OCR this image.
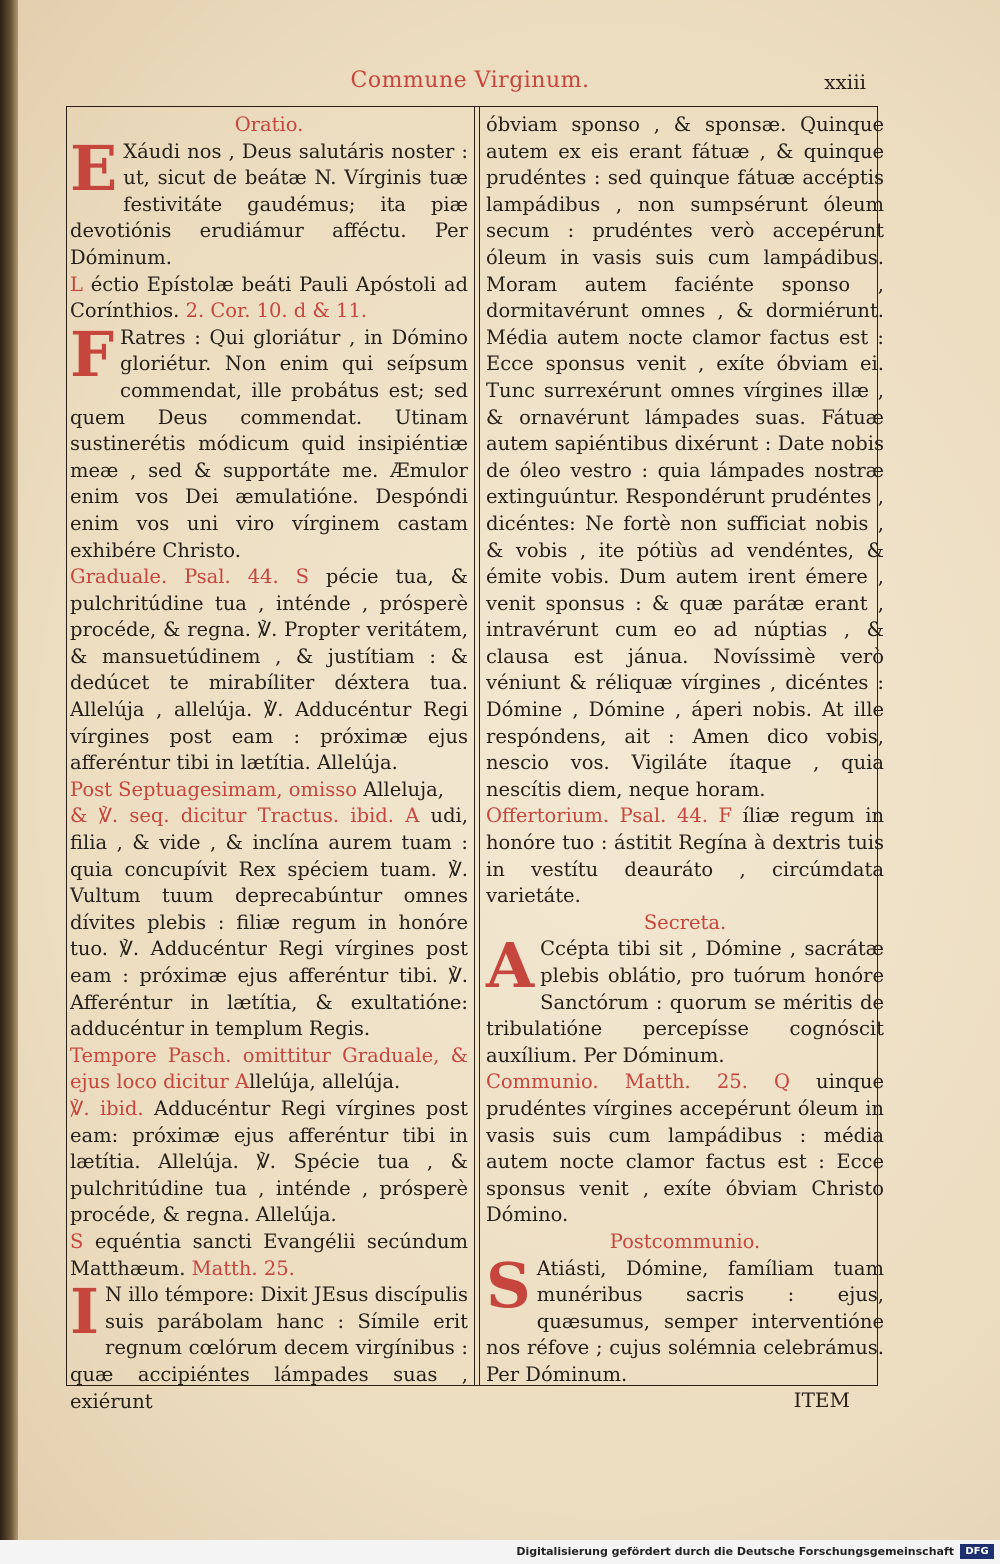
Commune Virginum.	xxiii

Oratio.

E Xáudi nos , Deus salutáris noster : ut, sicut de beátæ N. Vírginis tuæ festivitáte gaudémus; ita piæ devotiónis erudiámur afféctu. Per Dóminum.

L éctio Epístolæ beáti Pauli Apóstoli ad Corínthios. 2. Cor. 10. d & 11.

F Ratres : Qui gloriátur , in Dómino gloriétur. Non enim qui seípsum commendat, ille probátus est; sed quem Deus commendat. Utinam sustinerétis módicum quid insipiéntiæ meæ , sed & supportáte me. Æmulor enim vos Dei æmulatióne. Despóndi enim vos uni viro vírginem castam exhibére Christo.

Graduale. Psal. 44. S pécie tua, & pulchritúdine tua , inténde , prósperè procéde, & regna. ℣. Propter veritátem, & mansuetúdinem , & justítiam : & dedúcet te mirabíliter déxtera tua. Allelúja , allelúja. ℣. Adducéntur Regi vírgines post eam : próximæ ejus afferéntur tibi in lætítia. Allelúja.

Post Septuagesimam, omisso Alleluja,

& ℣. seq. dicitur Tractus. ibid. A udi, filia , & vide , & inclína aurem tuam : quia concupívit Rex spéciem tuam. ℣. Vultum tuum deprecabúntur omnes dívites plebis : filiæ regum in honóre tuo. ℣. Adducéntur Regi vírgines post eam : próximæ ejus afferéntur tibi. ℣. Afferéntur in lætítia, & exultatióne: adducéntur in templum Regis.

Tempore Pasch. omittitur Graduale, & ejus loco dicitur Allelúja, allelúja.

℣. ibid. Adducéntur Regi vírgines post eam: próximæ ejus afferéntur tibi in lætítia. Allelúja. ℣. Spécie tua , & pulchritúdine tua , inténde , prósperè procéde, & regna. Allelúja.

S equéntia sancti Evangélii secúndum Matthæum. Matth. 25.

I N illo témpore: Dixit JEsus discípulis suis parábolam hanc : Símile erit regnum cœlórum decem virgínibus : quæ accipiéntes lámpades suas , exiérunt

óbviam sponso , & sponsæ. Quinque autem ex eis erant fátuæ , & quinque prudéntes : sed quinque fátuæ accéptis lampádibus , non sumpsérunt óleum secum : prudéntes verò accepérunt óleum in vasis suis cum lampádibus. Moram autem faciénte sponso , dormitavérunt omnes , & dormiérunt. Média autem nocte clamor factus est : Ecce sponsus venit , exíte óbviam ei. Tunc surrexérunt omnes vírgines illæ , & ornavérunt lámpades suas. Fátuæ autem sapiéntibus dixérunt : Date nobis de óleo vestro : quia lámpades nostræ extinguúntur. Respondérunt prudéntes , dicéntes: Ne fortè non sufficiat nobis , & vobis , ite pótiùs ad vendéntes, & émite vobis. Dum autem irent émere , venit sponsus : & quæ parátæ erant , intravérunt cum eo ad núptias , & clausa est jánua. Novíssimè verò véniunt & réliquæ vírgines , dicéntes : Dómine , Dómine , áperi nobis. At ille respóndens, ait : Amen dico vobis, nescio vos. Vigiláte ítaque , quia nescítis diem, neque horam.

Offertorium. Psal. 44. F íliæ regum in honóre tuo : ástitit Regína à dextris tuis in vestítu deauráto , circúmdata varietáte.

Secreta.

A Ccépta tibi sit , Dómine , sacrátæ plebis oblátio, pro tuórum honóre Sanctórum : quorum se méritis de tribulatióne percepísse cognóscit auxílium. Per Dóminum.

Communio. Matth. 25. Q uinque prudéntes vírgines accepérunt óleum in vasis suis cum lampádibus : média autem nocte clamor factus est : Ecce sponsus venit , exíte óbviam Christo Dómino.

Postcommunio.

S Atiásti, Dómine, famíliam tuam munéribus sacris : ejus, quæsumus, semper interventióne nos réfove ; cujus solémnia celebrámus. Per Dóminum.

ITEM
Digitalisierung gefördert durch die Deutsche Forschungsgemeinschaft	DFG
